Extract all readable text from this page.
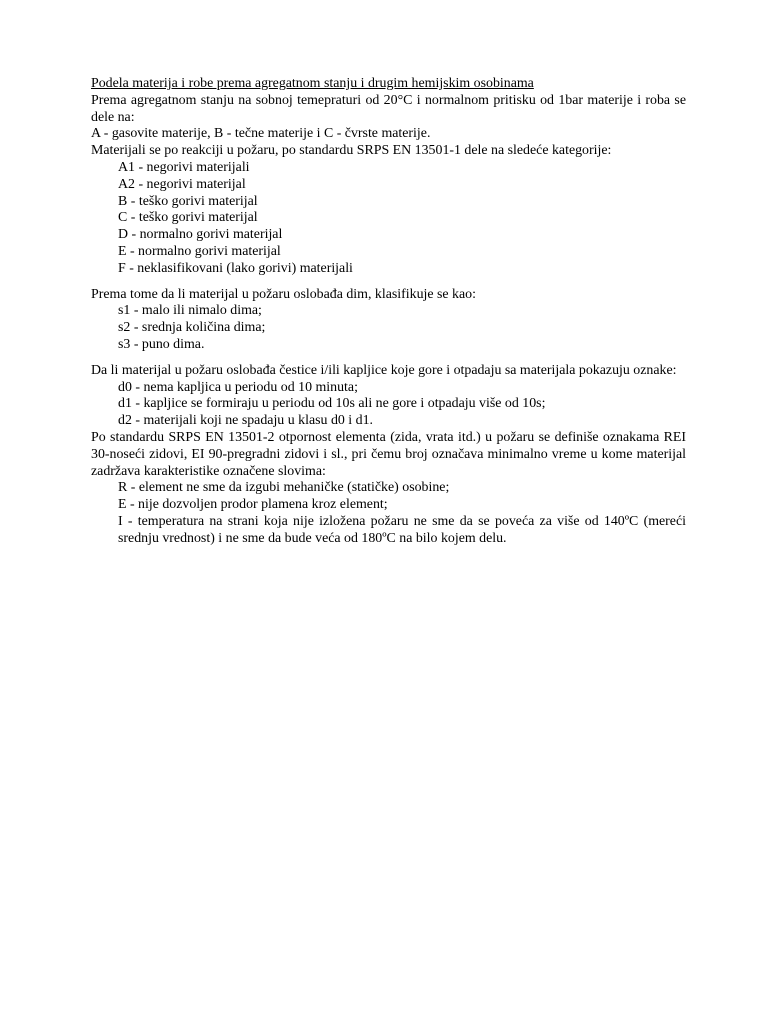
Podela materija i robe prema agregatnom stanju i drugim hemijskim osobinama
Prema agregatnom stanju na sobnoj temepraturi od 20°C i normalnom pritisku od 1bar materije i roba se dele na:
A - gasovite materije, B - tečne materije i C - čvrste materije.
Materijali se po reakciji u požaru, po standardu SRPS EN 13501-1 dele na sledeće kategorije:
A1 - negorivi materijali
A2 - negorivi materijal
B - teško gorivi materijal
C - teško gorivi materijal
D - normalno gorivi materijal
E - normalno gorivi materijal
F - neklasifikovani (lako gorivi) materijali
Prema tome da li materijal u požaru oslobađa dim, klasifikuje se kao:
s1 - malo ili nimalo dima;
s2 - srednja količina dima;
s3 - puno dima.
Da li materijal u požaru oslobađa čestice i/ili kapljice koje gore i otpadaju sa materijala pokazuju oznake:
d0 - nema kapljica u periodu od 10 minuta;
d1 - kapljice se formiraju u periodu od 10s ali ne gore i otpadaju više od 10s;
d2 - materijali koji ne spadaju u klasu d0 i d1.
Po standardu SRPS EN 13501-2 otpornost elementa (zida, vrata itd.) u požaru se definiše oznakama REI 30-noseći zidovi, EI 90-pregradni zidovi i sl., pri čemu broj označava minimalno vreme u kome materijal zadržava karakteristike označene slovima:
R - element ne sme da izgubi mehaničke (statičke) osobine;
E - nije dozvoljen prodor plamena kroz element;
I - temperatura na strani koja nije izložena požaru ne sme da se poveća za više od 140ºC (mereći srednju vrednost) i ne sme da bude veća od 180ºC na bilo kojem delu.
